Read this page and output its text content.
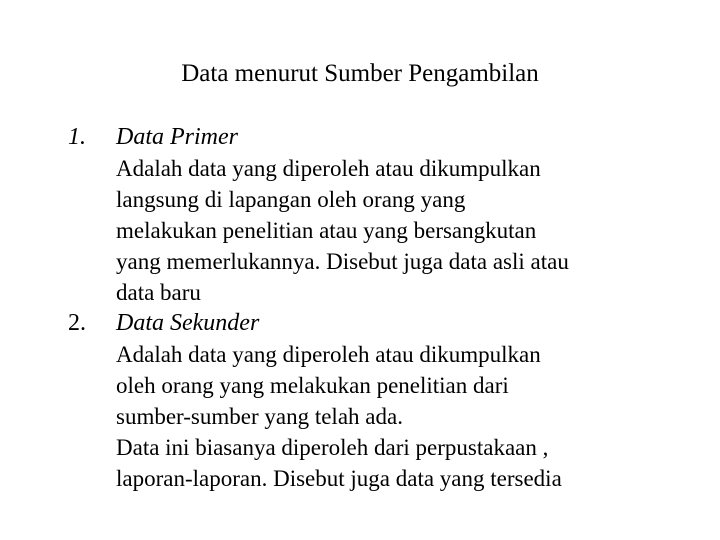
Data menurut Sumber Pengambilan
1. Data Primer
Adalah data yang diperoleh atau dikumpulkan
langsung di lapangan oleh orang yang
melakukan penelitian atau yang bersangkutan
yang memerlukannya. Disebut juga data asli atau
data baru
2. Data Sekunder
Adalah data yang diperoleh atau dikumpulkan
oleh orang yang melakukan penelitian dari
sumber-sumber yang telah ada.
Data ini biasanya diperoleh dari perpustakaan ,
laporan-laporan. Disebut juga data yang tersedia
